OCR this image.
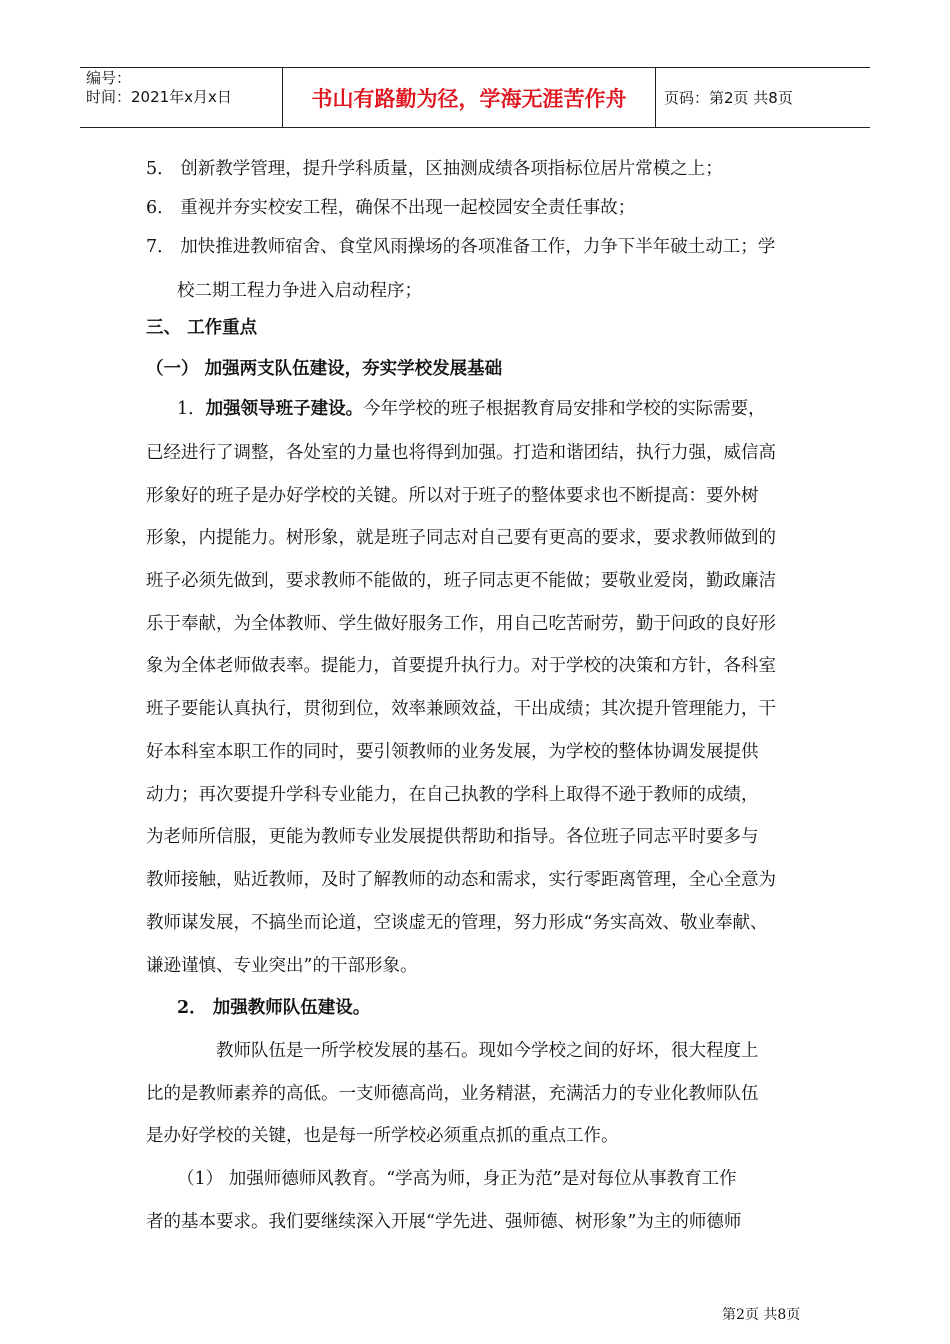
编号：
时间：2021年x月x日	书山有路勤为径，学海无涯苦作舟	页码：第2页 共8页
5． 创新教学管理，提升学科质量，区抽测成绩各项指标位居片常模之上；
6． 重视并夯实校安工程，确保不出现一起校园安全责任事故；
7． 加快推进教师宿舍、食堂风雨操场的各项准备工作，力争下半年破土动工；学
校二期工程力争进入启动程序；
三、 工作重点
（一） 加强两支队伍建设，夯实学校发展基础
1．加强领导班子建设。今年学校的班子根据教育局安排和学校的实际需要，
已经进行了调整，各处室的力量也将得到加强。打造和谐团结，执行力强，威信高
形象好的班子是办好学校的关键。所以对于班子的整体要求也不断提高：要外树
形象，内提能力。树形象，就是班子同志对自己要有更高的要求，要求教师做到的
班子必须先做到，要求教师不能做的，班子同志更不能做；要敬业爱岗，勤政廉洁
乐于奉献，为全体教师、学生做好服务工作，用自己吃苦耐劳，勤于问政的良好形
象为全体老师做表率。提能力，首要提升执行力。对于学校的决策和方针，各科室
班子要能认真执行，贯彻到位，效率兼顾效益，干出成绩；其次提升管理能力，干
好本科室本职工作的同时，要引领教师的业务发展，为学校的整体协调发展提供
动力；再次要提升学科专业能力，在自己执教的学科上取得不逊于教师的成绩，
为老师所信服，更能为教师专业发展提供帮助和指导。各位班子同志平时要多与
教师接触，贴近教师，及时了解教师的动态和需求，实行零距离管理，全心全意为
教师谋发展，不搞坐而论道，空谈虚无的管理，努力形成“务实高效、敬业奉献、
谦逊谨慎、专业突出”的干部形象。
2． 加强教师队伍建设。
教师队伍是一所学校发展的基石。现如今学校之间的好坏，很大程度上
比的是教师素养的高低。一支师德高尚，业务精湛，充满活力的专业化教师队伍
是办好学校的关键，也是每一所学校必须重点抓的重点工作。
（1） 加强师德师风教育。“学高为师，身正为范”是对每位从事教育工作
者的基本要求。我们要继续深入开展“学先进、强师德、树形象”为主的师德师
第2页 共8页
